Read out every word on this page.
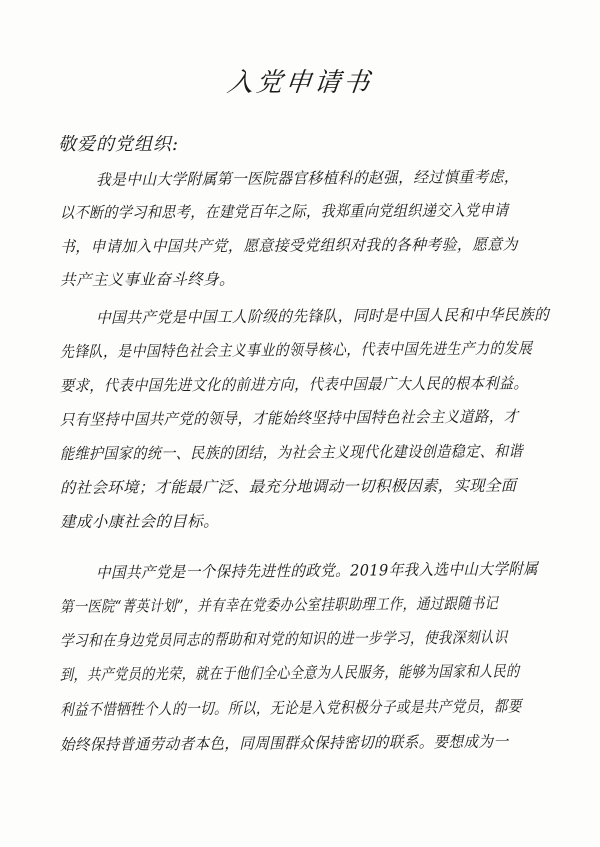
入党申请书
敬爱的党组织:
我是中山大学附属第一医院器官移植科的赵强，经过慎重考虑，
以不断的学习和思考，在建党百年之际，我郑重向党组织递交入党申请
书，申请加入中国共产党，愿意接受党组织对我的各种考验，愿意为
共产主义事业奋斗终身。
中国共产党是中国工人阶级的先锋队，同时是中国人民和中华民族的
先锋队，是中国特色社会主义事业的领导核心，代表中国先进生产力的发展
要求，代表中国先进文化的前进方向，代表中国最广大人民的根本利益。
只有坚持中国共产党的领导，才能始终坚持中国特色社会主义道路，才
能维护国家的统一、民族的团结，为社会主义现代化建设创造稳定、和谐
的社会环境；才能最广泛、最充分地调动一切积极因素，实现全面
建成小康社会的目标。
中国共产党是一个保持先进性的政党。2019年我入选中山大学附属
第一医院“菁英计划”，并有幸在党委办公室挂职助理工作，通过跟随书记
学习和在身边党员同志的帮助和对党的知识的进一步学习，使我深刻认识
到，共产党员的光荣，就在于他们全心全意为人民服务，能够为国家和人民的
利益不惜牺牲个人的一切。所以，无论是入党积极分子或是共产党员，都要
始终保持普通劳动者本色，同周围群众保持密切的联系。要想成为一
